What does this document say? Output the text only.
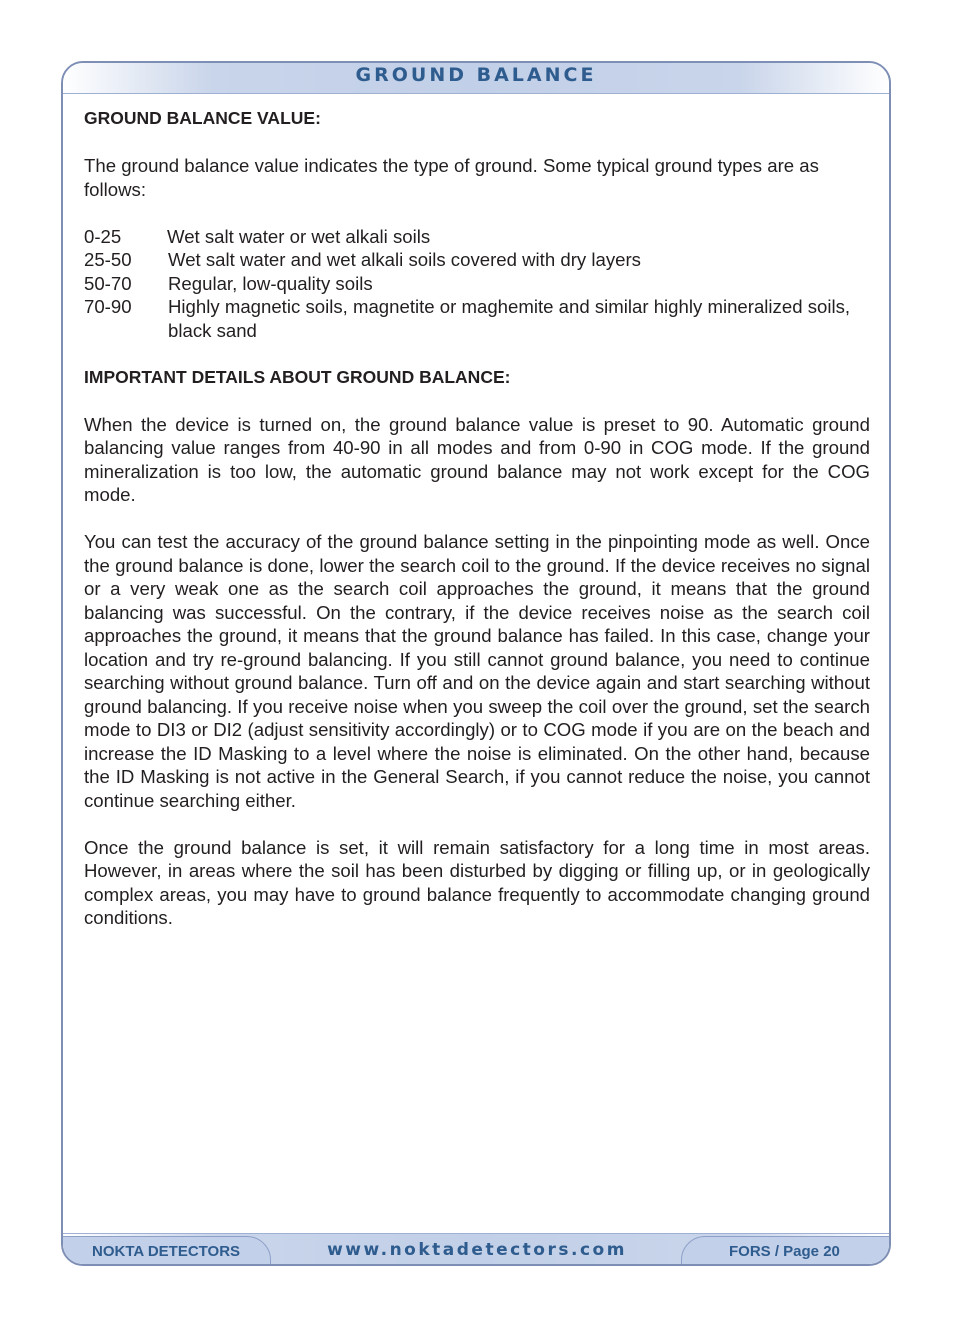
GROUND BALANCE

GROUND BALANCE VALUE:

The ground balance value indicates the type of ground. Some typical ground types are as follows:

0-25	Wet salt water or wet alkali soils
25-50	Wet salt water and wet alkali soils covered with dry layers
50-70	Regular, low-quality soils
70-90	Highly magnetic soils, magnetite or maghemite and similar highly mineralized soils, black sand

IMPORTANT DETAILS ABOUT GROUND BALANCE:

When the device is turned on, the ground balance value is preset to 90. Automatic ground balancing value ranges from 40-90 in all modes and from 0-90 in COG mode. If the ground mineralization is too low, the automatic ground balance may not work except for the COG mode.

You can test the accuracy of the ground balance setting in the pinpointing mode as well. Once the ground balance is done, lower the search coil to the ground. If the device receives no signal or a very weak one as the search coil approaches the ground, it means that the ground balancing was successful. On the contrary, if the device receives noise as the search coil approaches the ground, it means that the ground balance has failed. In this case, change your location and try re-ground balancing. If you still cannot ground balance, you need to continue searching without ground balance. Turn off and on the device again and start searching without ground balancing. If you receive noise when you sweep the coil over the ground, set the search mode to DI3 or DI2 (adjust sensitivity accordingly) or to COG mode if you are on the beach and increase the ID Masking to a level where the noise is eliminated. On the other hand, because the ID Masking is not active in the General Search, if you cannot reduce the noise, you cannot continue searching either.

Once the ground balance is set, it will remain satisfactory for a long time in most areas. However, in areas where the soil has been disturbed by digging or filling up, or in geologically complex areas, you may have to ground balance frequently to accommodate changing ground conditions.

NOKTA DETECTORS	www.noktadetectors.com	FORS / Page 20
